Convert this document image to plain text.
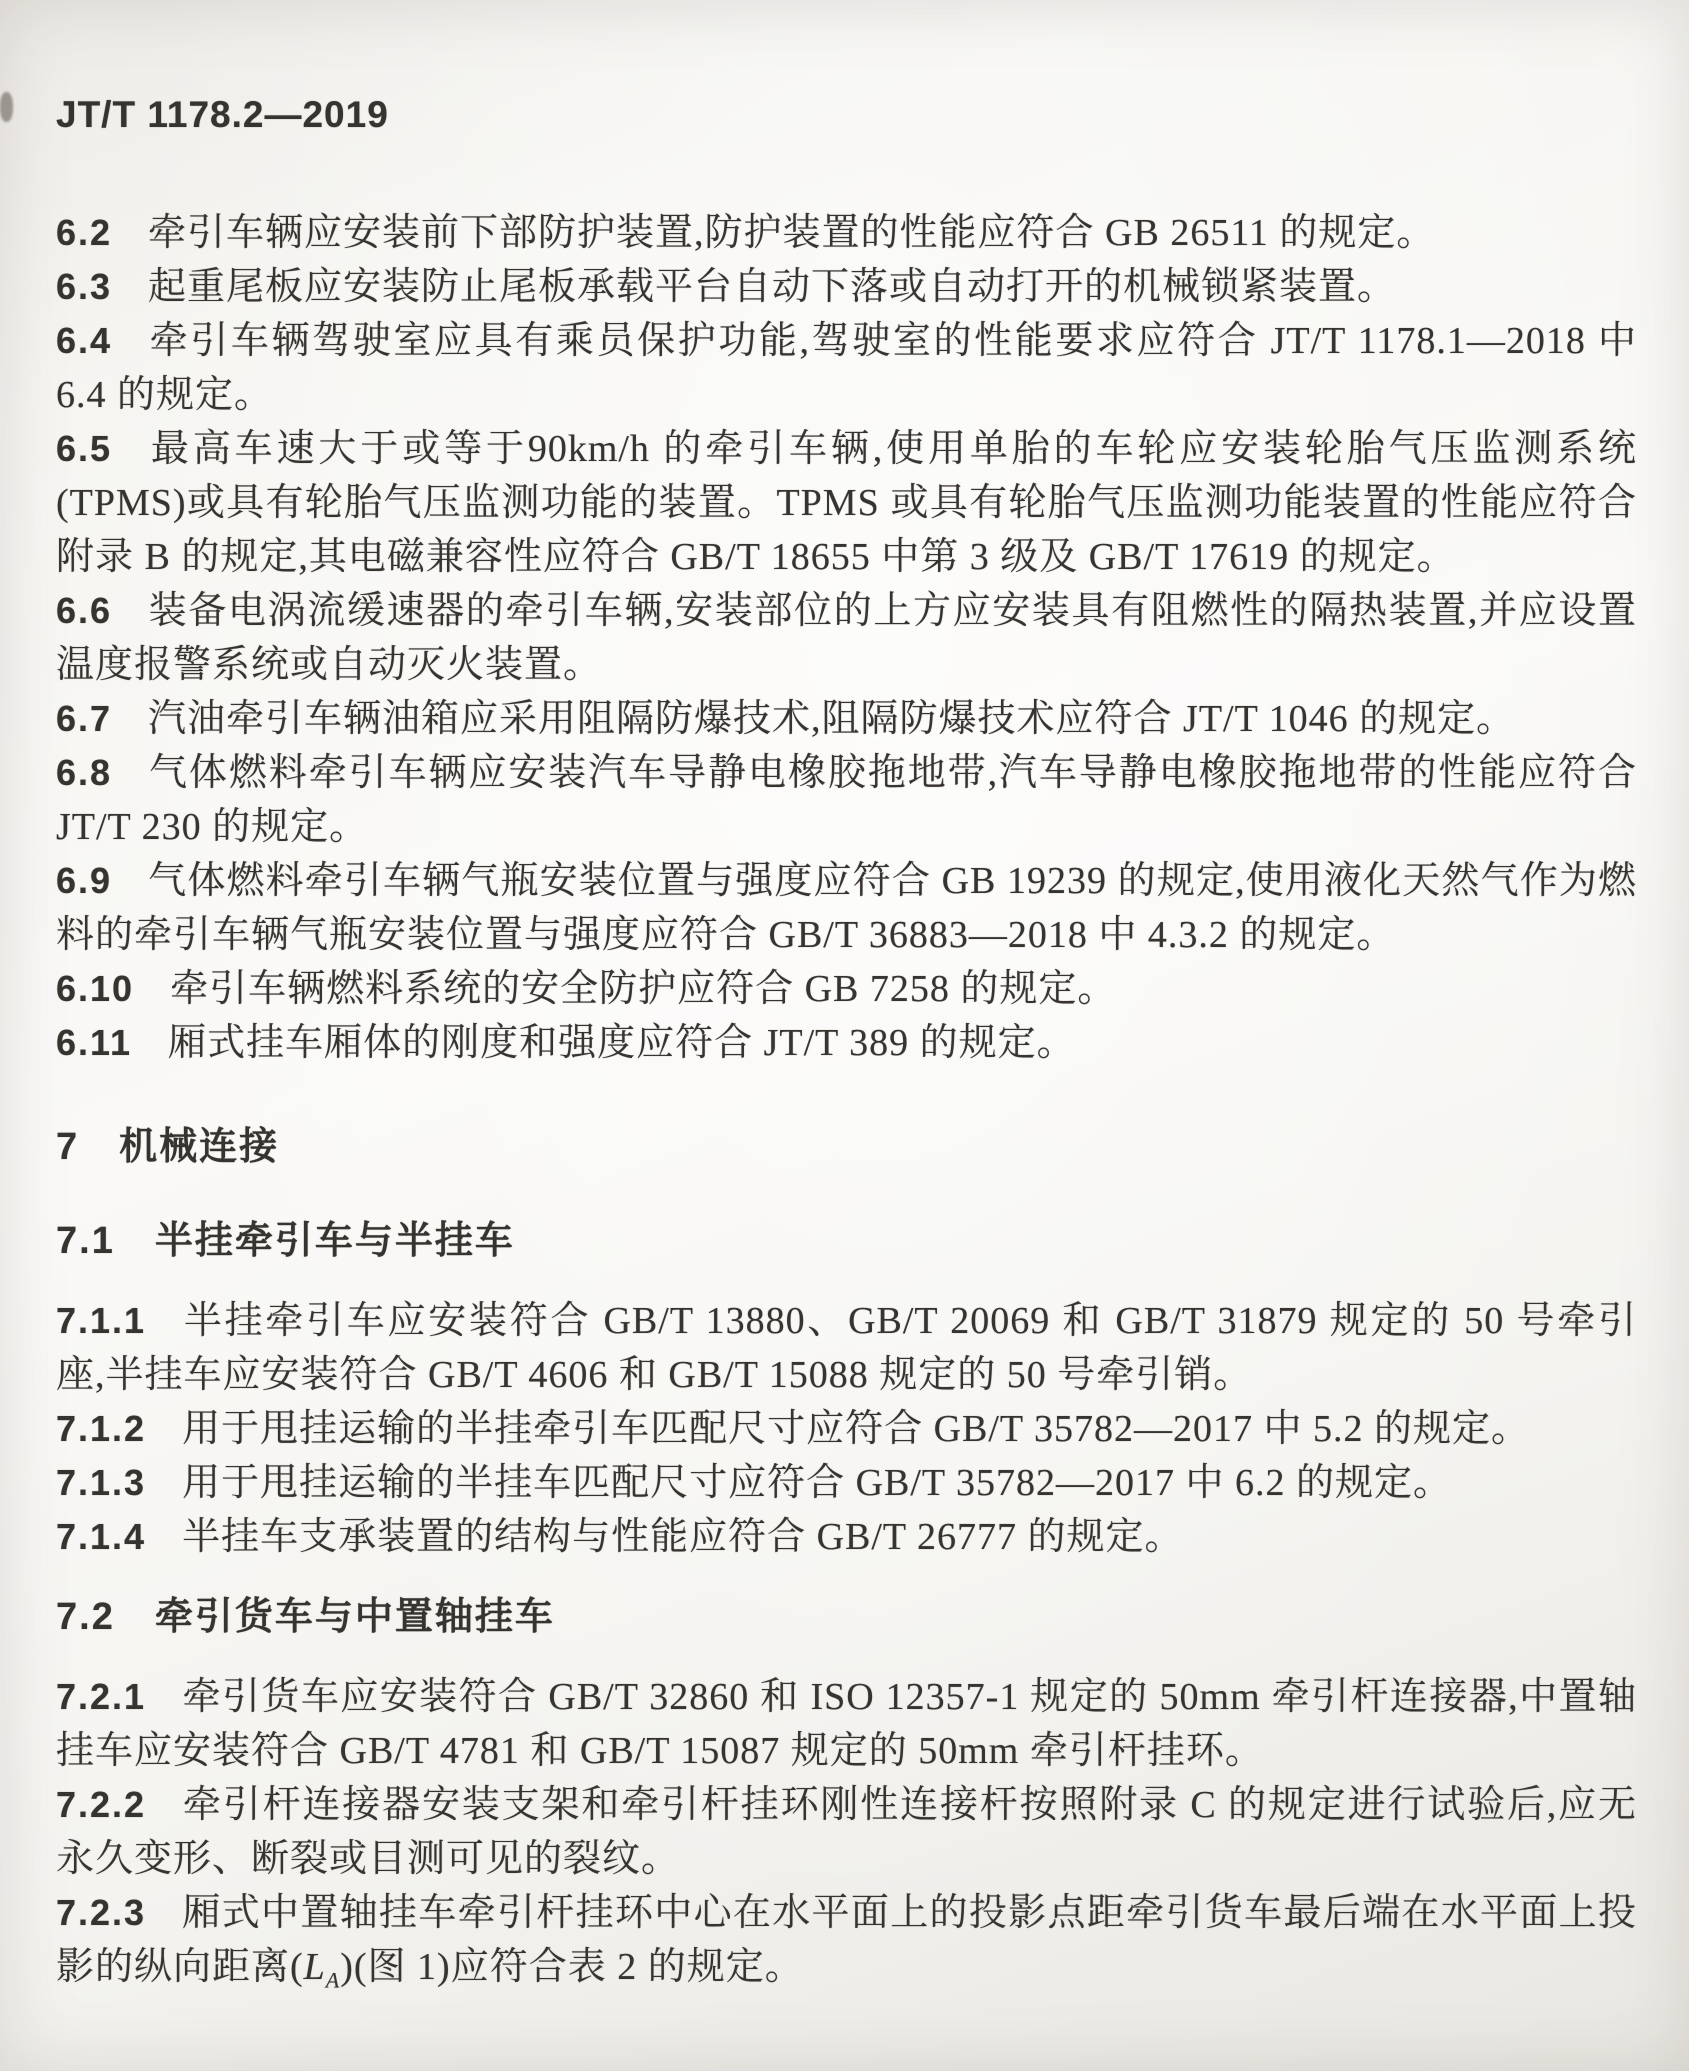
JT/T 1178.2—2019

6.2 牵引车辆应安装前下部防护装置,防护装置的性能应符合 GB 26511 的规定。

6.3 起重尾板应安装防止尾板承载平台自动下落或自动打开的机械锁紧装置。

6.4 牵引车辆驾驶室应具有乘员保护功能,驾驶室的性能要求应符合 JT/T 1178.1—2018 中 6.4 的规定。

6.5 最高车速大于或等于90km/h 的牵引车辆,使用单胎的车轮应安装轮胎气压监测系统(TPMS)或具有轮胎气压监测功能的装置。TPMS 或具有轮胎气压监测功能装置的性能应符合附录 B 的规定,其电磁兼容性应符合 GB/T 18655 中第 3 级及 GB/T 17619 的规定。

6.6 装备电涡流缓速器的牵引车辆,安装部位的上方应安装具有阻燃性的隔热装置,并应设置温度报警系统或自动灭火装置。

6.7 汽油牵引车辆油箱应采用阻隔防爆技术,阻隔防爆技术应符合 JT/T 1046 的规定。

6.8 气体燃料牵引车辆应安装汽车导静电橡胶拖地带,汽车导静电橡胶拖地带的性能应符合 JT/T 230 的规定。

6.9 气体燃料牵引车辆气瓶安装位置与强度应符合 GB 19239 的规定,使用液化天然气作为燃料的牵引车辆气瓶安装位置与强度应符合 GB/T 36883—2018 中 4.3.2 的规定。

6.10 牵引车辆燃料系统的安全防护应符合 GB 7258 的规定。

6.11 厢式挂车厢体的刚度和强度应符合 JT/T 389 的规定。

7 机械连接
7.1 半挂牵引车与半挂车

7.1.1 半挂牵引车应安装符合 GB/T 13880、GB/T 20069 和 GB/T 31879 规定的 50 号牵引座,半挂车应安装符合 GB/T 4606 和 GB/T 15088 规定的 50 号牵引销。

7.1.2 用于甩挂运输的半挂牵引车匹配尺寸应符合 GB/T 35782—2017 中 5.2 的规定。

7.1.3 用于甩挂运输的半挂车匹配尺寸应符合 GB/T 35782—2017 中 6.2 的规定。

7.1.4 半挂车支承装置的结构与性能应符合 GB/T 26777 的规定。

7.2 牵引货车与中置轴挂车

7.2.1 牵引货车应安装符合 GB/T 32860 和 ISO 12357-1 规定的 50mm 牵引杆连接器,中置轴挂车应安装符合 GB/T 4781 和 GB/T 15087 规定的 50mm 牵引杆挂环。

7.2.2 牵引杆连接器安装支架和牵引杆挂环刚性连接杆按照附录 C 的规定进行试验后,应无永久变形、断裂或目测可见的裂纹。

7.2.3 厢式中置轴挂车牵引杆挂环中心在水平面上的投影点距牵引货车最后端在水平面上投影的纵向距离$(L_A)$(图 1)应符合表 2 的规定。
